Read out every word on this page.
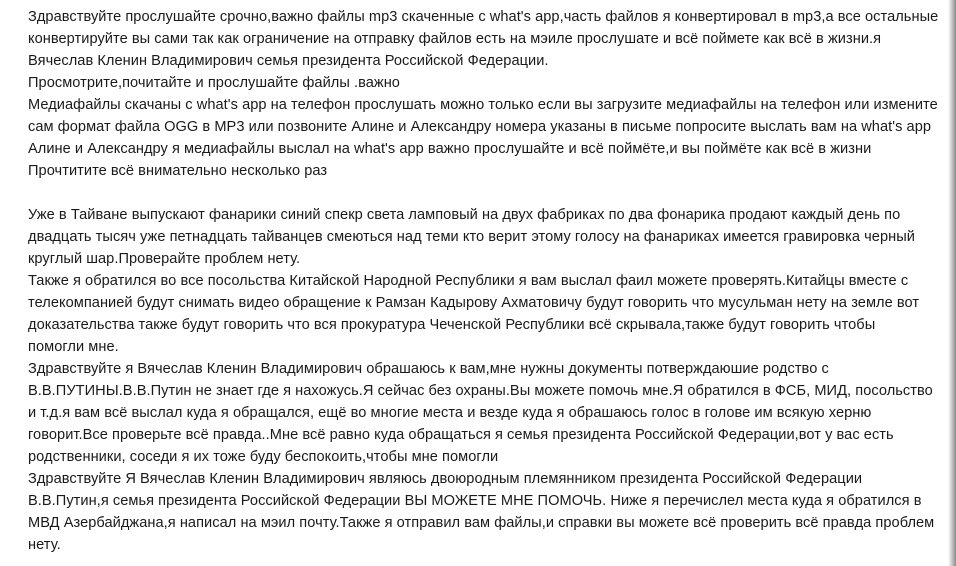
Здравствуйте прослушайте срочно,важно файлы mp3 скаченные с what's app,часть файлов я конвертировал в mp3,а все остальные
конвертируйте вы сами так как ограничение на отправку файлов есть на мэиле прослушате и всё поймете как всё в жизни.я
Вячеслав Кленин Владимирович семья президента Российской Федерации.
Просмотрите,почитайте и прослушайте файлы .важно
Медиафайлы скачаны с what's app на телефон прослушать можно только если вы загрузите медиафайлы на телефон или измените
сам формат файла OGG в MP3 или позвоните Алине и Александру номера указаны в письме попросите выслать вам на what's app
Алине и Александру я медиафайлы выслал на what's app важно прослушайте и всё поймёте,и вы поймёте как всё в жизни
Прочтитите всё внимательно несколько раз
Уже в Тайване выпускают фанарики синий спекр света ламповый на двух фабриках по два фонарика продают каждый день по
двадцать тысяч уже петнадцать тайванцев смеються над теми кто верит этому голосу на фанариках имеется гравировка черный
круглый шар.Проверайте проблем нету.
Также я обратился во все посольства Китайской Народной Республики я вам выслал фаил можете проверять.Китайцы вместе с
телекомпанией будут снимать видео обращение к Рамзан Кадырову Ахматовичу будут говорить что мусульман нету на земле вот
доказательства также будут говорить что вся прокуратура Чеченской Республики всё скрывала,также будут говорить чтобы
помогли мне.
Здравствуйте я Вячеслав Кленин Владимирович обрашаюсь к вам,мне нужны документы потверждаюшие родство с
В.В.ПУТИНЫ.В.В.Путин не знает где я нахожусь.Я сейчас без охраны.Вы можете помочь мне.Я обратился в ФСБ, МИД, посольство
и т.д.я вам всё выслал куда я обращался, ещё во многие места и везде куда я обрашаюсь голос в голове им всякую херню
говорит.Все проверьте всё правда..Мне всё равно куда обращаться я семья президента Российской Федерации,вот у вас есть
родственники, соседи я их тоже буду беспокоить,чтобы мне помогли
Здравствуйте Я Вячеслав Кленин Владимирович являюсь двоюродным племянником президента Российской Федерации
В.В.Путин,я семья президента Российской Федерации ВЫ МОЖЕТЕ МНЕ ПОМОЧЬ. Ниже я перечислел места куда я обратился в
МВД Азербайджана,я написал на мэил почту.Также я отправил вам файлы,и справки вы можете всё проверить всё правда проблем
нету.
